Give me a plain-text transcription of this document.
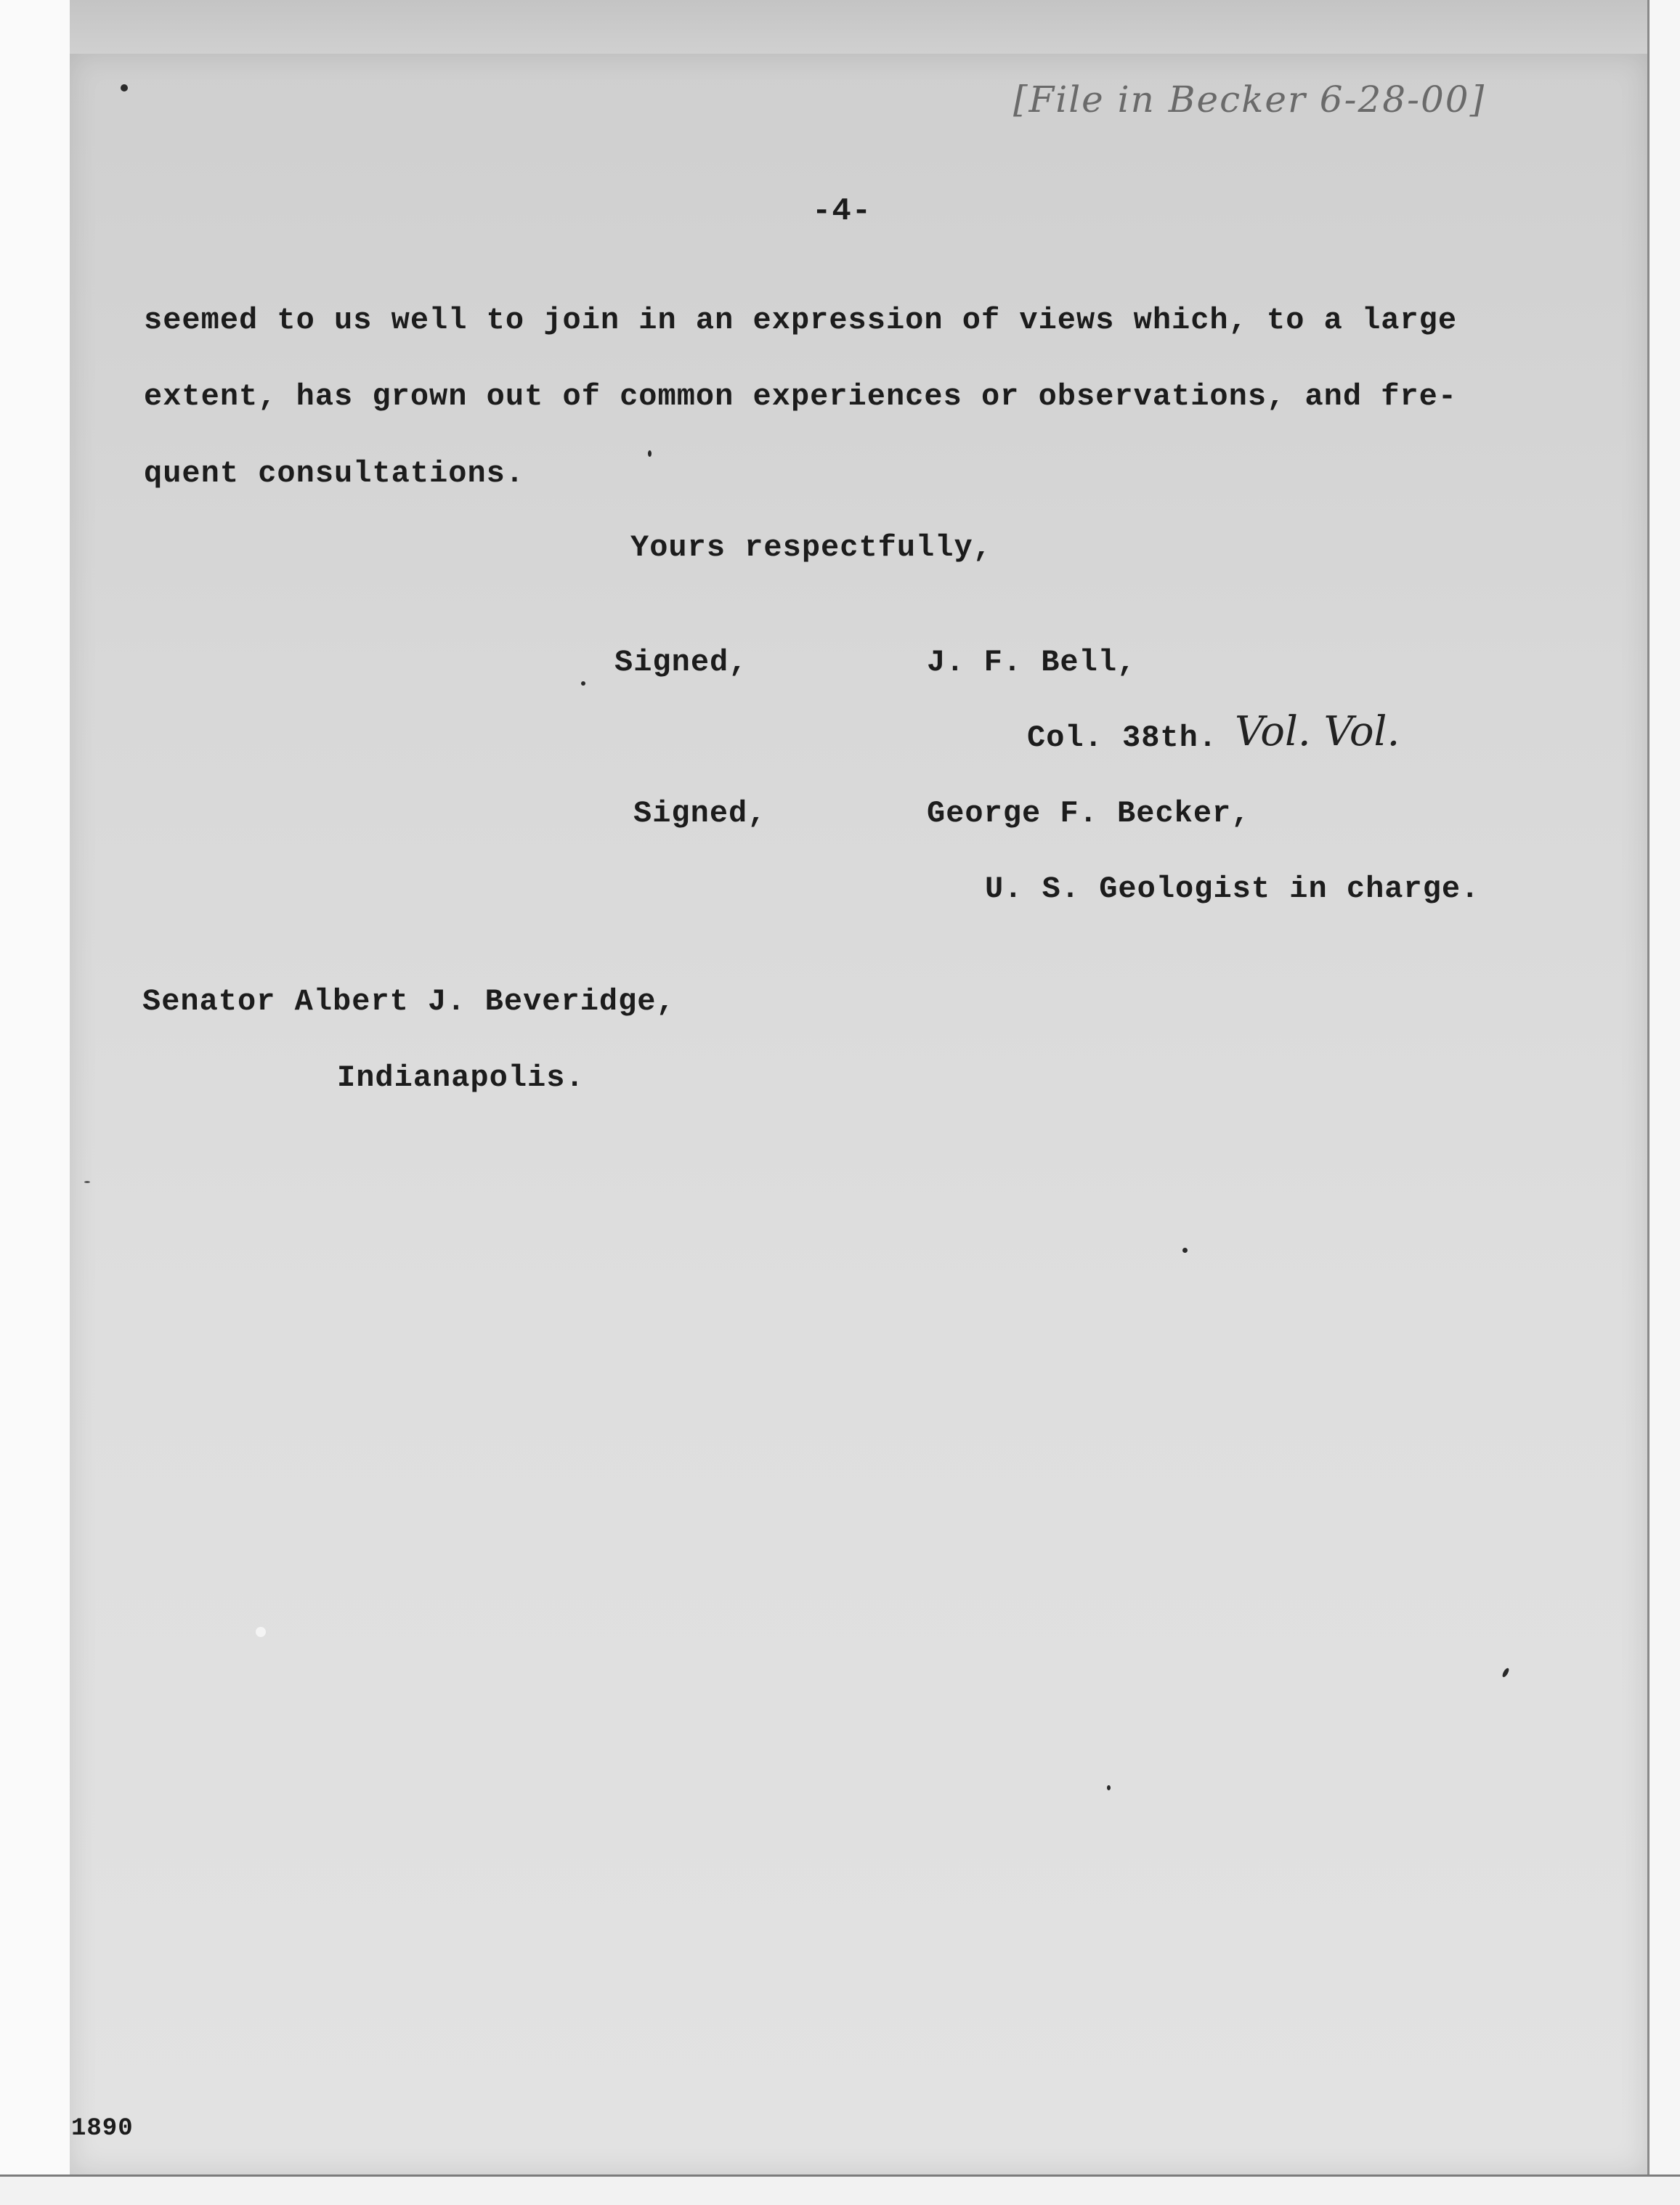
[File in Becker 6-28-00]
-4-
seemed to us well to join in an expression of views which, to a large
extent, has grown out of common experiences or observations, and fre-
quent consultations.
Yours respectfully,
Signed,	J. F. Bell,
Col. 38th. Vol. Vol.
Signed,	George F. Becker,
U. S. Geologist in charge.
Senator Albert J. Beveridge,
Indianapolis.
1890
